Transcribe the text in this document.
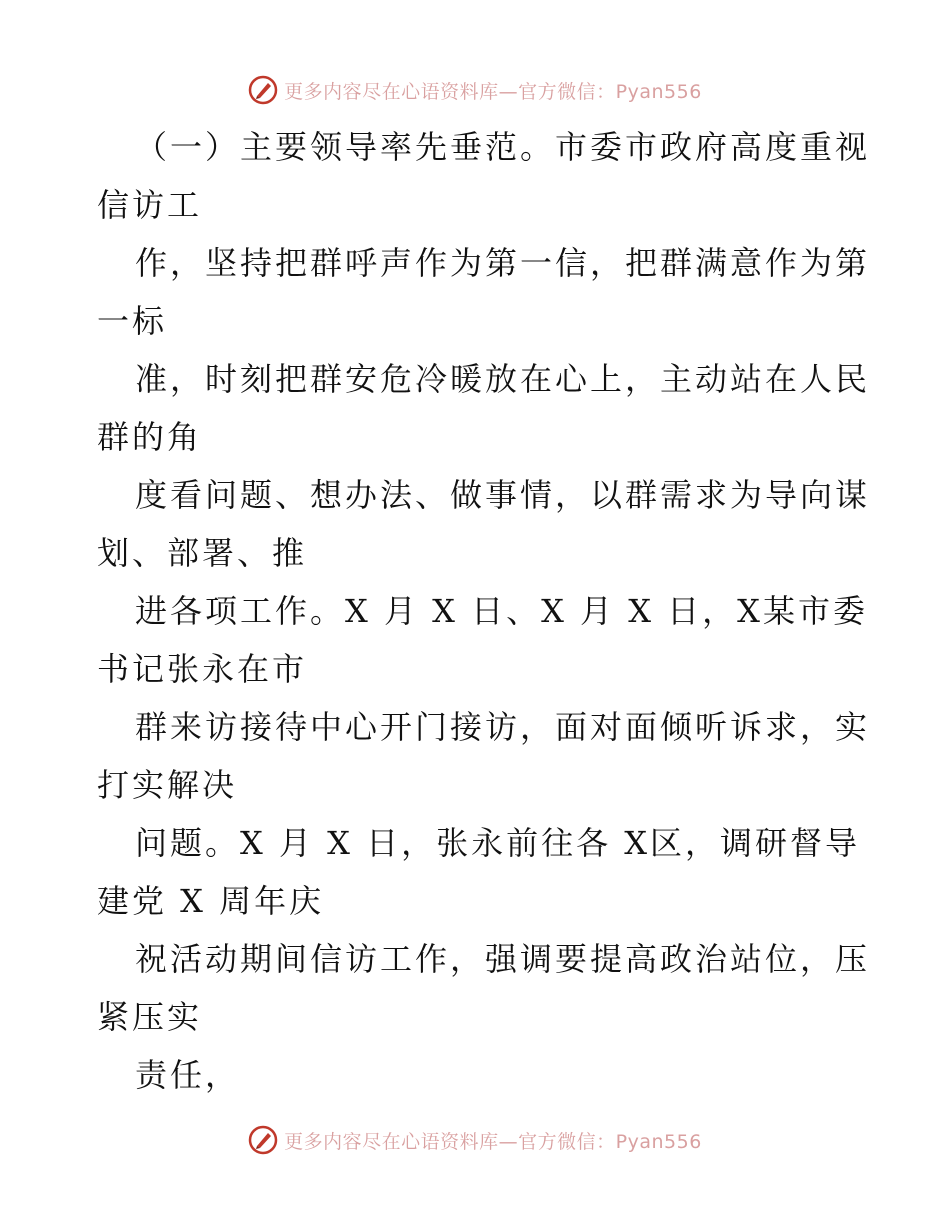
更多内容尽在心语资料库—官方微信：Pyan556
（一）主要领导率先垂范。市委市政府高度重视
信访工
作，坚持把群呼声作为第一信，把群满意作为第
一标
准，时刻把群安危冷暖放在心上，主动站在人民
群的角
度看问题、想办法、做事情，以群需求为导向谋
划、部署、推
进各项工作。X 月 X 日、X 月 X 日，X某市委
书记张永在市
群来访接待中心开门接访，面对面倾听诉求，实
打实解决
问题。X 月 X 日，张永前往各 X区，调研督导
建党 X 周年庆
祝活动期间信访工作，强调要提高政治站位，压
紧压实
责任，
更多内容尽在心语资料库—官方微信：Pyan556
